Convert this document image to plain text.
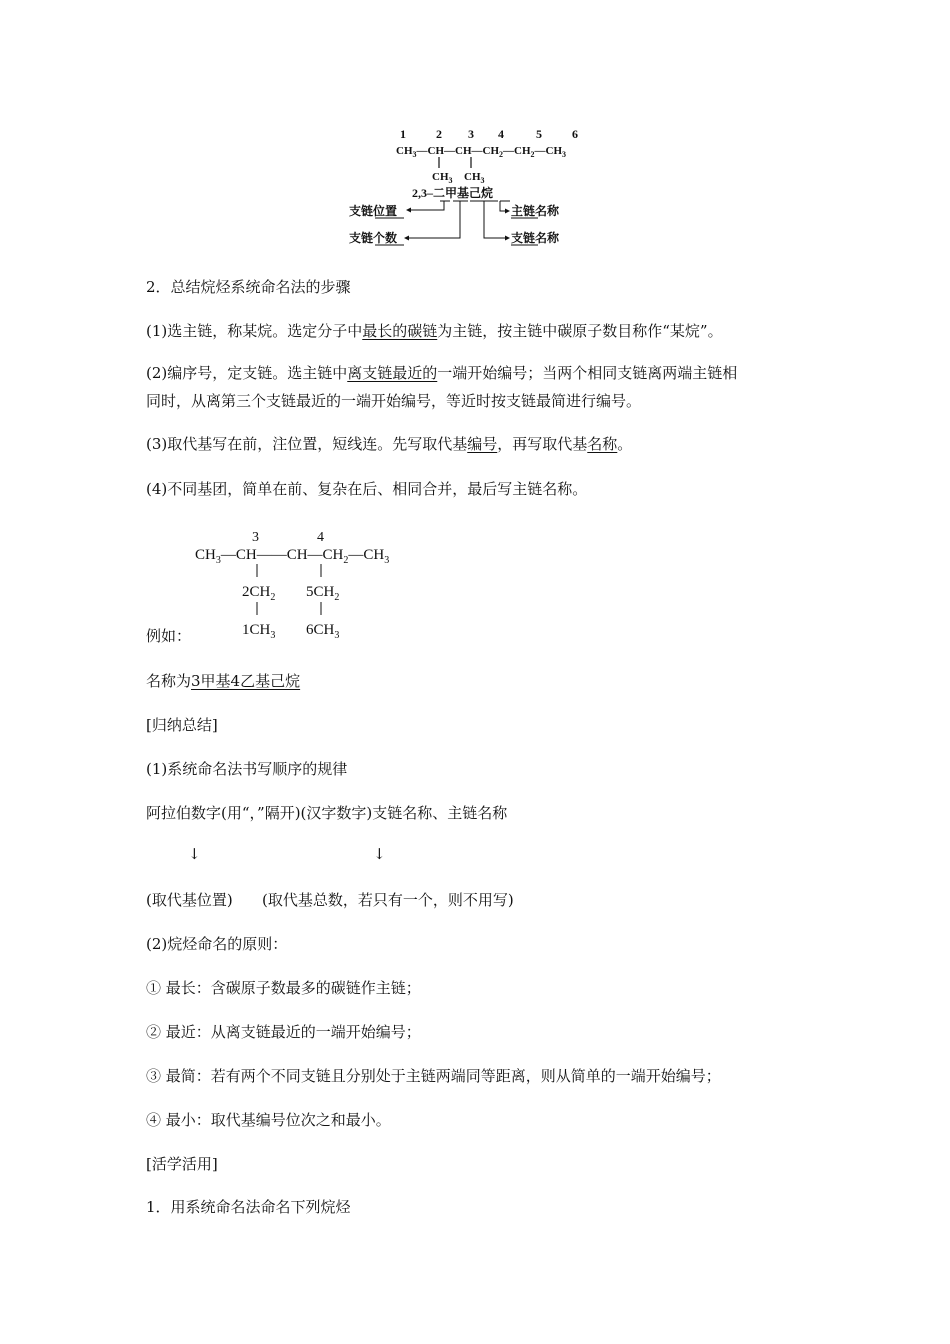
1	2 3 4	5	6
$CH_3—CH—CH—CH_2—CH_2—CH_3$
$CH_3$ $CH_3$
2,3–二甲基己烷
支链位置
支链个数
主链名称
支链名称
2．总结烷烃系统命名法的步骤
(1)选主链，称某烷。选定分子中最长的碳链为主链，按主链中碳原子数目称作“某烷”。
(2)编序号，定支链。选主链中离支链最近的一端开始编号；当两个相同支链离两端主链相
同时，从离第三个支链最近的一端开始编号，等近时按支链最简进行编号。
(3)取代基写在前，注位置，短线连。先写取代基编号，再写取代基名称。
(4)不同基团，简单在前、复杂在后、相同合并，最后写主链名称。
3	4
$CH_3—CH——CH—CH_2—CH_3$
$2CH_2$ $5CH_2$
$1CH_3$ $6CH_3$
例如：
名称为3甲基4乙基己烷
[归纳总结]
(1)系统命名法书写顺序的规律
阿拉伯数字(用“，”隔开)(汉字数字)支链名称、主链名称
↓	↓
(取代基位置) (取代基总数，若只有一个，则不用写)
(2)烷烃命名的原则：
① 最长：含碳原子数最多的碳链作主链；
② 最近：从离支链最近的一端开始编号；
③ 最简：若有两个不同支链且分别处于主链两端同等距离，则从简单的一端开始编号；
④ 最小：取代基编号位次之和最小。
[活学活用]
1．用系统命名法命名下列烷烃
